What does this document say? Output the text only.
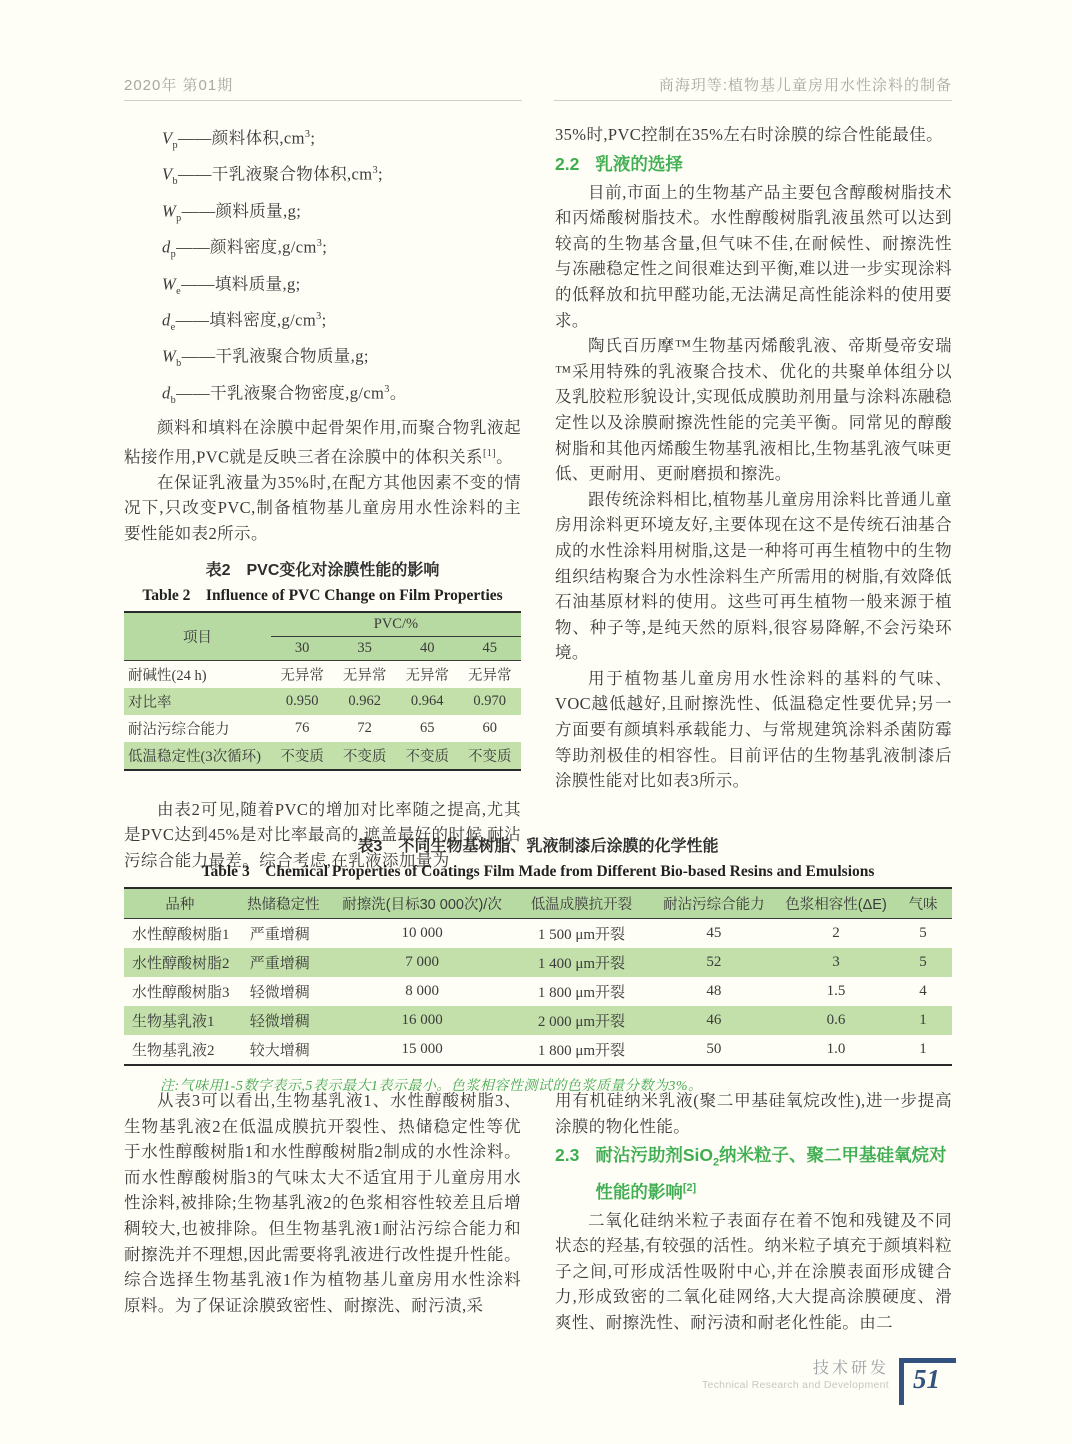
2020年 第01期	商海玥等:植物基儿童房用水性涂料的制备
$V_p——$颜料体积$,cm^3$;
$V_b——$干乳液聚合物体积$,cm^3$;
$W_p——$颜料质量,g;
$d_p——$颜料密度$,g/cm^3$;
$W_e——$填料质量,g;
$d_e——$填料密度$,g/cm^3$;
$W_b——$干乳液聚合物质量,g;
$d_b——$干乳液聚合物密度$,g/cm^3$。

颜料和填料在涂膜中起骨架作用,而聚合物乳液起粘接作用,PVC就是反映三者在涂膜中的体积关系[1]。

在保证乳液量为35%时,在配方其他因素不变的情况下,只改变PVC,制备植物基儿童房用水性涂料的主要性能如表2所示。

表2　PVC变化对涂膜性能的影响
Table 2　Influence of PVC Change on Film Properties
项目	PVC/%			
	30	35	40	45
耐碱性(24 h)	无异常	无异常	无异常	无异常
对比率	0.950	0.962	0.964	0.970
耐沾污综合能力	76	72	65	60
低温稳定性(3次循环)	不变质	不变质	不变质	不变质

由表2可见,随着PVC的增加对比率随之提高,尤其是PVC达到45%是对比率最高的,遮盖最好的时候,耐沾污综合能力最差。综合考虑,在乳液添加量为

35%时,PVC控制在35%左右时涂膜的综合性能最佳。

2.2 乳液的选择

目前,市面上的生物基产品主要包含醇酸树脂技术和丙烯酸树脂技术。水性醇酸树脂乳液虽然可以达到较高的生物基含量,但气味不佳,在耐候性、耐擦洗性与冻融稳定性之间很难达到平衡,难以进一步实现涂料的低释放和抗甲醛功能,无法满足高性能涂料的使用要求。

陶氏百历摩™生物基丙烯酸乳液、帝斯曼帝安瑞™采用特殊的乳液聚合技术、优化的共聚单体组分以及乳胶粒形貌设计,实现低成膜助剂用量与涂料冻融稳定性以及涂膜耐擦洗性能的完美平衡。同常见的醇酸树脂和其他丙烯酸生物基乳液相比,生物基乳液气味更低、更耐用、更耐磨损和擦洗。

跟传统涂料相比,植物基儿童房用涂料比普通儿童房用涂料更环境友好,主要体现在这不是传统石油基合成的水性涂料用树脂,这是一种将可再生植物中的生物组织结构聚合为水性涂料生产所需用的树脂,有效降低石油基原材料的使用。这些可再生植物一般来源于植物、种子等,是纯天然的原料,很容易降解,不会污染环境。

用于植物基儿童房用水性涂料的基料的气味、VOC越低越好,且耐擦洗性、低温稳定性要优异;另一方面要有颜填料承载能力、与常规建筑涂料杀菌防霉等助剂极佳的相容性。目前评估的生物基乳液制漆后涂膜性能对比如表3所示。

表3　不同生物基树脂、乳液制漆后涂膜的化学性能
Table 3　Chemical Properties of Coatings Film Made from Different Bio-based Resins and Emulsions
品种	热储稳定性	耐擦洗(目标30 000次)/次	低温成膜抗开裂	耐沾污综合能力	色浆相容性(ΔE)	气味
水性醇酸树脂1	严重增稠	10 000	1 500 μm开裂	45	2	5
水性醇酸树脂2	严重增稠	7 000	1 400 μm开裂	52	3	5
水性醇酸树脂3	轻微增稠	8 000	1 800 μm开裂	48	1.5	4
生物基乳液1	轻微增稠	16 000	2 000 μm开裂	46	0.6	1
生物基乳液2	较大增稠	15 000	1 800 μm开裂	50	1.0	1
注:气味用1-5数字表示,5表示最大1表示最小。色浆相容性测试的色浆质量分数为3%。

从表3可以看出,生物基乳液1、水性醇酸树脂3、生物基乳液2在低温成膜抗开裂性、热储稳定性等优于水性醇酸树脂1和水性醇酸树脂2制成的水性涂料。而水性醇酸树脂3的气味太大不适宜用于儿童房用水性涂料,被排除;生物基乳液2的色浆相容性较差且后增稠较大,也被排除。但生物基乳液1耐沾污综合能力和耐擦洗并不理想,因此需要将乳液进行改性提升性能。综合选择生物基乳液1作为植物基儿童房用水性涂料原料。为了保证涂膜致密性、耐擦洗、耐污渍,采

用有机硅纳米乳液(聚二甲基硅氧烷改性),进一步提高涂膜的物化性能。

2.3 耐沾污助剂SiO$_2$纳米粒子、聚二甲基硅氧烷对性能的影响[2]

二氧化硅纳米粒子表面存在着不饱和残键及不同状态的羟基,有较强的活性。纳米粒子填充于颜填料粒子之间,可形成活性吸附中心,并在涂膜表面形成键合力,形成致密的二氧化硅网络,大大提高涂膜硬度、滑爽性、耐擦洗性、耐污渍和耐老化性能。由二

技术研发
Technical Research and Development 51
